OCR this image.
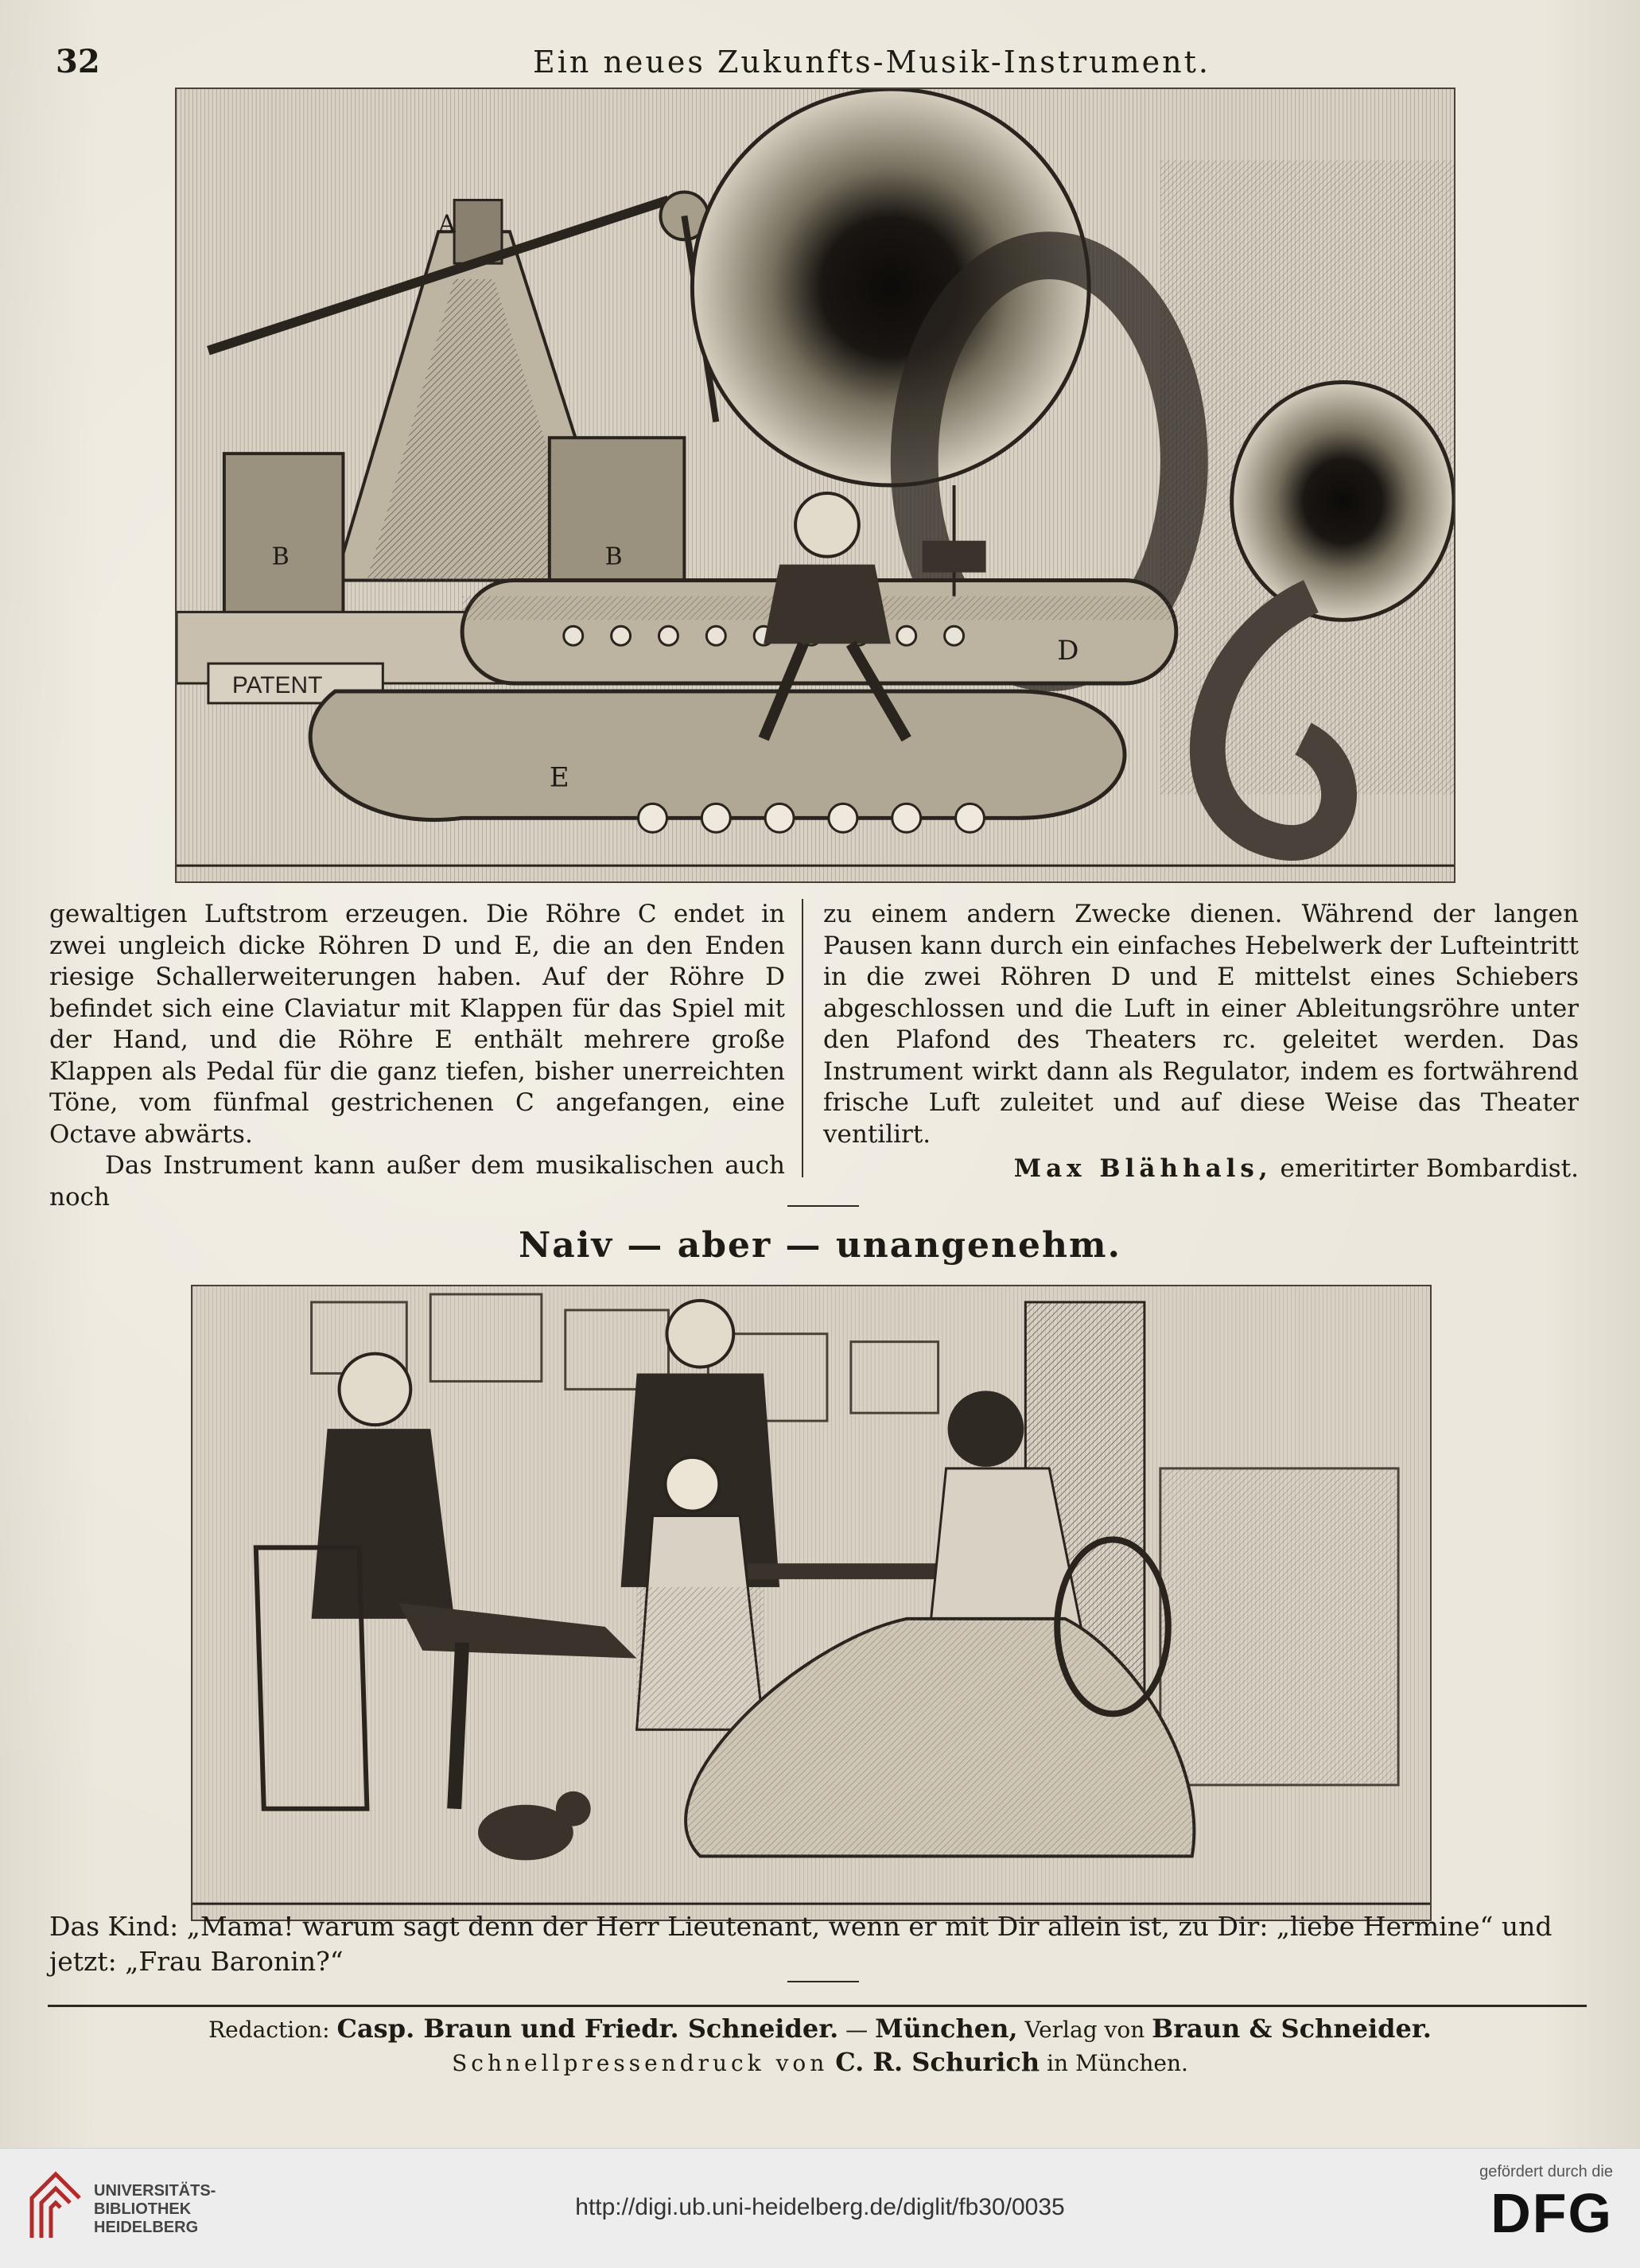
32	Ein neues Zukunfts-Musik-Instrument.
B	B
A
PATENT
D
E

gewaltigen Luftstrom erzeugen. Die Röhre C endet in zwei ungleich dicke Röhren D und E, die an den Enden riesige Schallerweiterungen haben. Auf der Röhre D befindet sich eine Claviatur mit Klappen für das Spiel mit der Hand, und die Röhre E enthält mehrere große Klappen als Pedal für die ganz tiefen, bisher unerreichten Töne, vom fünfmal gestrichenen C angefangen, eine Octave abwärts.

Das Instrument kann außer dem musikalischen auch noch

zu einem andern Zwecke dienen. Während der langen Pausen kann durch ein einfaches Hebelwerk der Lufteintritt in die zwei Röhren D und E mittelst eines Schiebers abgeschlossen und die Luft in einer Ableitungsröhre unter den Plafond des Theaters rc. geleitet werden. Das Instrument wirkt dann als Regulator, indem es fortwährend frische Luft zuleitet und auf diese Weise das Theater ventilirt.

Max Blähhals, emeritirter Bombardist.

Naiv — aber — unangenehm.
Das Kind: „Mama! warum sagt denn der Herr Lieutenant, wenn er mit Dir allein ist, zu Dir: „liebe Hermine“ und jetzt: „Frau Baronin?“
Redaction: Casp. Braun und Friedr. Schneider. — München, Verlag von Braun & Schneider.
Schnellpressendruck von C. R. Schurich in München.
UNIVERSITÄTS-
BIBLIOTHEK
HEIDELBERG
http://digi.ub.uni-heidelberg.de/diglit/fb30/0035
gefördert durch die
DFG
